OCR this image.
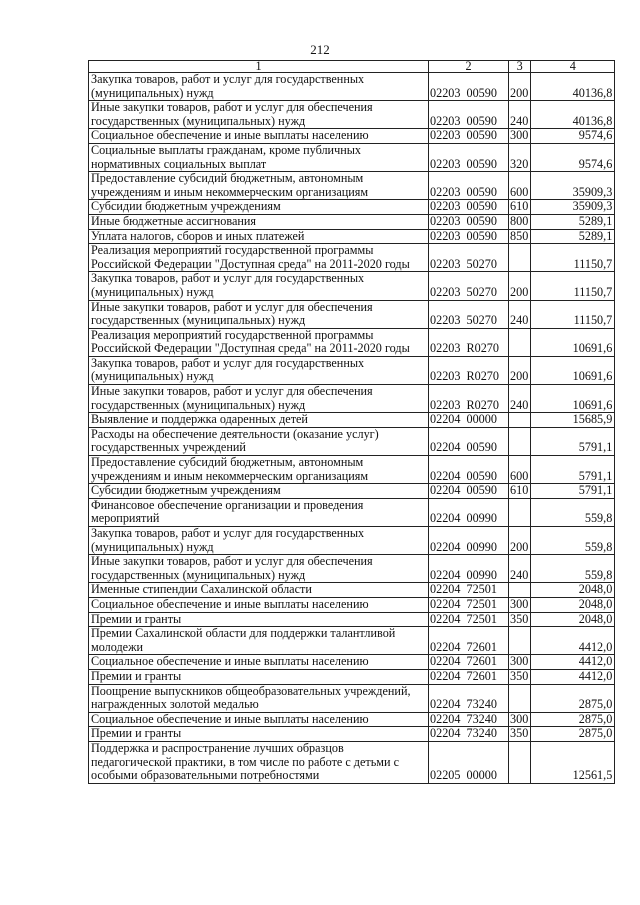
212
1	2	3	4
Закупка товаров, работ и услуг для государственных (муниципальных) нужд	02203 00590	200	40136,8
Иные закупки товаров, работ и услуг для обеспечения государственных (муниципальных) нужд	02203 00590	240	40136,8
Социальное обеспечение и иные выплаты населению	02203 00590	300	9574,6
Социальные выплаты гражданам, кроме публичных нормативных социальных выплат	02203 00590	320	9574,6
Предоставление субсидий бюджетным, автономным учреждениям и иным некоммерческим организациям	02203 00590	600	35909,3
Субсидии бюджетным учреждениям	02203 00590	610	35909,3
Иные бюджетные ассигнования	02203 00590	800	5289,1
Уплата налогов, сборов и иных платежей	02203 00590	850	5289,1
Реализация мероприятий государственной программы Российской Федерации "Доступная среда" на 2011-2020 годы	02203 50270		11150,7
Закупка товаров, работ и услуг для государственных (муниципальных) нужд	02203 50270	200	11150,7
Иные закупки товаров, работ и услуг для обеспечения государственных (муниципальных) нужд	02203 50270	240	11150,7
Реализация мероприятий государственной программы Российской Федерации "Доступная среда" на 2011-2020 годы	02203 R0270		10691,6
Закупка товаров, работ и услуг для государственных (муниципальных) нужд	02203 R0270	200	10691,6
Иные закупки товаров, работ и услуг для обеспечения государственных (муниципальных) нужд	02203 R0270	240	10691,6
Выявление и поддержка одаренных детей	02204 00000		15685,9
Расходы на обеспечение деятельности (оказание услуг) государственных учреждений	02204 00590		5791,1
Предоставление субсидий бюджетным, автономным учреждениям и иным некоммерческим организациям	02204 00590	600	5791,1
Субсидии бюджетным учреждениям	02204 00590	610	5791,1
Финансовое обеспечение организации и проведения мероприятий	02204 00990		559,8
Закупка товаров, работ и услуг для государственных (муниципальных) нужд	02204 00990	200	559,8
Иные закупки товаров, работ и услуг для обеспечения государственных (муниципальных) нужд	02204 00990	240	559,8
Именные стипендии Сахалинской области	02204 72501		2048,0
Социальное обеспечение и иные выплаты населению	02204 72501	300	2048,0
Премии и гранты	02204 72501	350	2048,0
Премии Сахалинской области для поддержки талантливой молодежи	02204 72601		4412,0
Социальное обеспечение и иные выплаты населению	02204 72601	300	4412,0
Премии и гранты	02204 72601	350	4412,0
Поощрение выпускников общеобразовательных учреждений, награжденных золотой медалью	02204 73240		2875,0
Социальное обеспечение и иные выплаты населению	02204 73240	300	2875,0
Премии и гранты	02204 73240	350	2875,0
Поддержка и распространение лучших образцов педагогической практики, в том числе по работе с детьми с особыми образовательными потребностями	02205 00000		12561,5
